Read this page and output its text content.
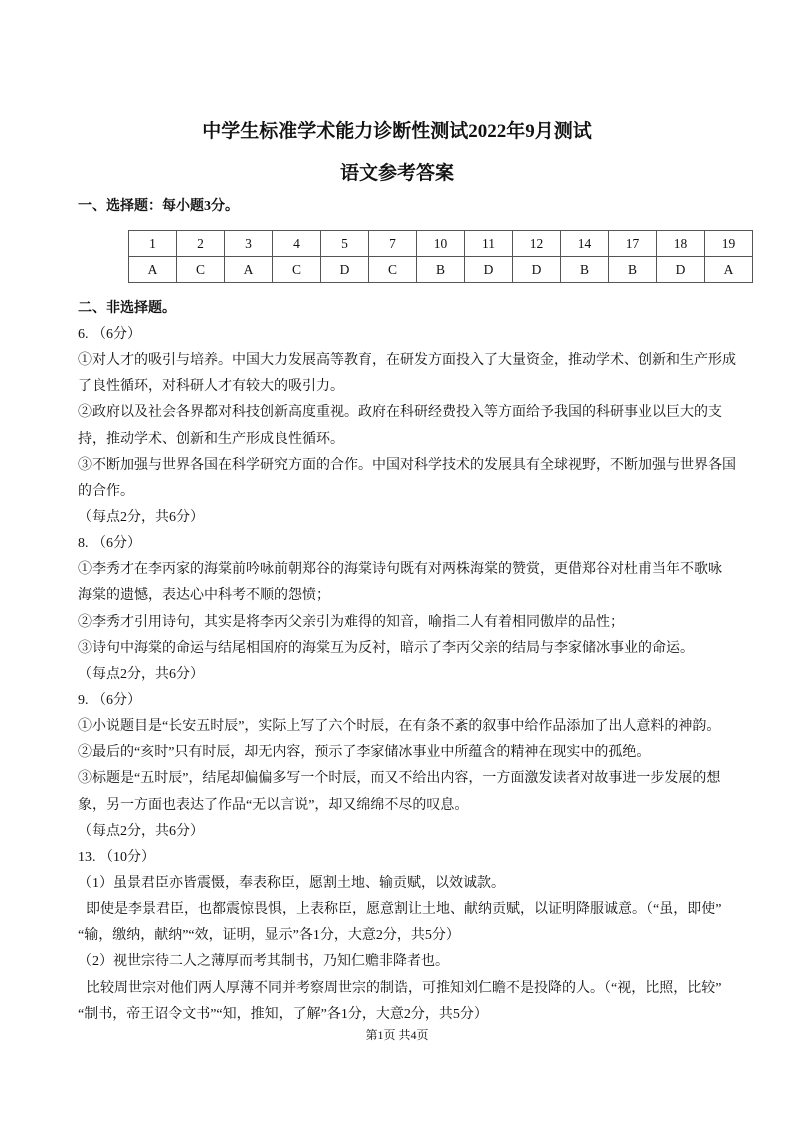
中学生标准学术能力诊断性测试2022年9月测试
语文参考答案
一、选择题：每小题3分。
1	2	3	4	5	7	10	11	12	14	17	18	19
A	C	A	C	D	C	B	D	D	B	B	D	A
二、非选择题。
6. （6分）
①对人才的吸引与培养。中国大力发展高等教育，在研发方面投入了大量资金，推动学术、创新和生产形成
了良性循环，对科研人才有较大的吸引力。
②政府以及社会各界都对科技创新高度重视。政府在科研经费投入等方面给予我国的科研事业以巨大的支
持，推动学术、创新和生产形成良性循环。
③不断加强与世界各国在科学研究方面的合作。中国对科学技术的发展具有全球视野，不断加强与世界各国
的合作。
（每点2分，共6分）
8. （6分）
①李秀才在李丙家的海棠前吟咏前朝郑谷的海棠诗句既有对两株海棠的赞赏，更借郑谷对杜甫当年不歌咏
海棠的遗憾，表达心中科考不顺的怨愤；
②李秀才引用诗句，其实是将李丙父亲引为难得的知音，喻指二人有着相同傲岸的品性；
③诗句中海棠的命运与结尾相国府的海棠互为反衬，暗示了李丙父亲的结局与李家储冰事业的命运。
（每点2分，共6分）
9. （6分）
①小说题目是“长安五时辰”，实际上写了六个时辰，在有条不紊的叙事中给作品添加了出人意料的神韵。
②最后的“亥时”只有时辰，却无内容，预示了李家储冰事业中所蕴含的精神在现实中的孤绝。
③标题是“五时辰”，结尾却偏偏多写一个时辰，而又不给出内容，一方面激发读者对故事进一步发展的想
象，另一方面也表达了作品“无以言说”，却又绵绵不尽的叹息。
（每点2分，共6分）
13. （10分）
（1）虽景君臣亦皆震慑，奉表称臣，愿割土地、输贡赋，以效诚款。
即使是李景君臣，也都震惊畏惧，上表称臣，愿意割让土地、献纳贡赋，以证明降服诚意。（“虽，即使”
“输，缴纳，献纳”“效，证明，显示”各1分，大意2分，共5分）
（2）视世宗待二人之薄厚而考其制书，乃知仁赡非降者也。
比较周世宗对他们两人厚薄不同并考察周世宗的制诰，可推知刘仁瞻不是投降的人。（“视，比照，比较”
“制书，帝王诏令文书”“知，推知，了解”各1分，大意2分，共5分）
第1页 共4页
